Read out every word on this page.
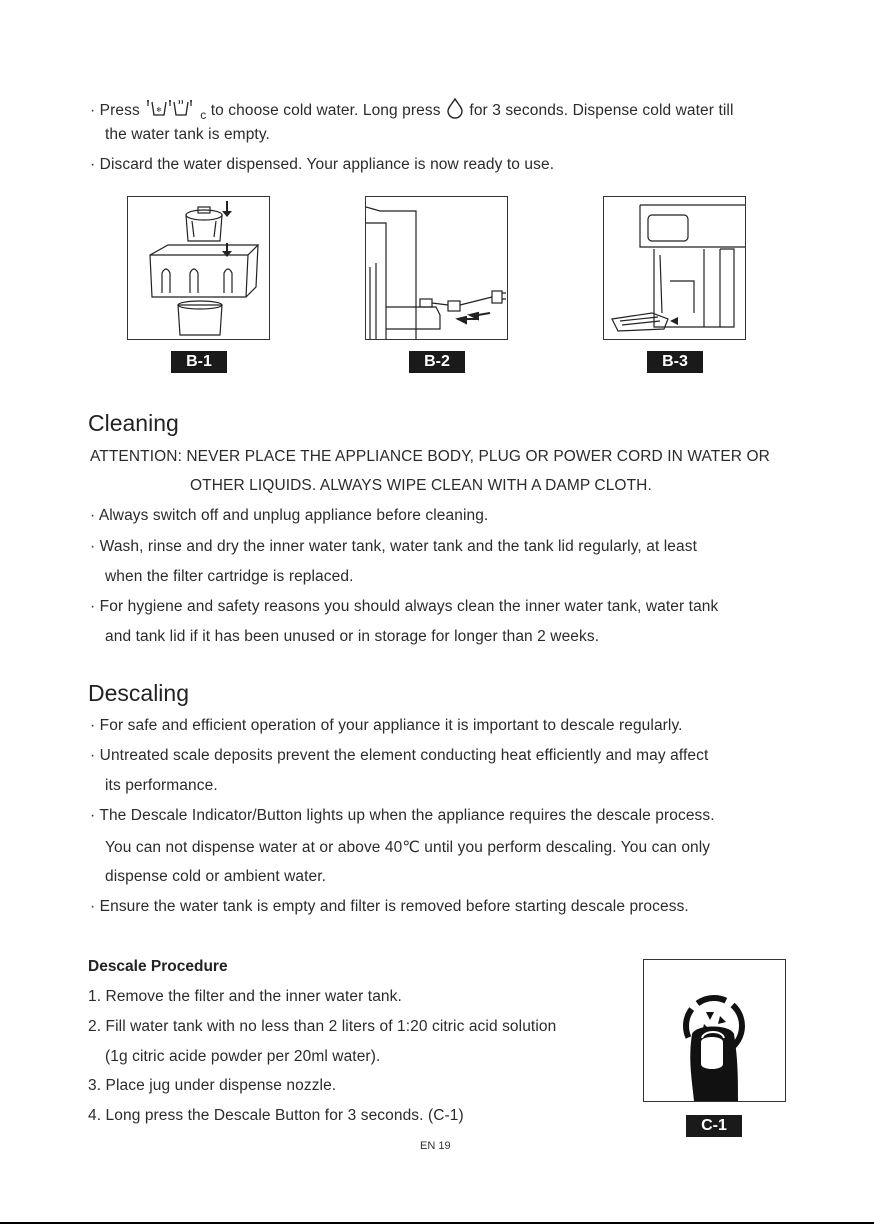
· Press ❄	$_c$ to choose cold water. Long press for 3 seconds. Dispense cold water till
the water tank is empty.
· Discard the water dispensed. Your appliance is now ready to use.
B-1	B-2	B-3
Cleaning
ATTENTION: NEVER PLACE THE APPLIANCE BODY, PLUG OR POWER CORD IN WATER OR
OTHER LIQUIDS. ALWAYS WIPE CLEAN WITH A DAMP CLOTH.
· Always switch off and unplug appliance before cleaning.
· Wash, rinse and dry the inner water tank, water tank and the tank lid regularly, at least
when the filter cartridge is replaced.
· For hygiene and safety reasons you should always clean the inner water tank, water tank
and tank lid if it has been unused or in storage for longer than 2 weeks.
Descaling
· For safe and efficient operation of your appliance it is important to descale regularly.
· Untreated scale deposits prevent the element conducting heat efficiently and may affect
its performance.
· The Descale Indicator/Button lights up when the appliance requires the descale process.
You can not dispense water at or above 40℃ until you perform descaling. You can only
dispense cold or ambient water.
· Ensure the water tank is empty and filter is removed before starting descale process.
Descale Procedure
1. Remove the filter and the inner water tank.
2. Fill water tank with no less than 2 liters of 1:20 citric acid solution
(1g citric acide powder per 20ml water).
3. Place jug under dispense nozzle.
4. Long press the Descale Button for 3 seconds. (C-1)
C-1
EN 19
